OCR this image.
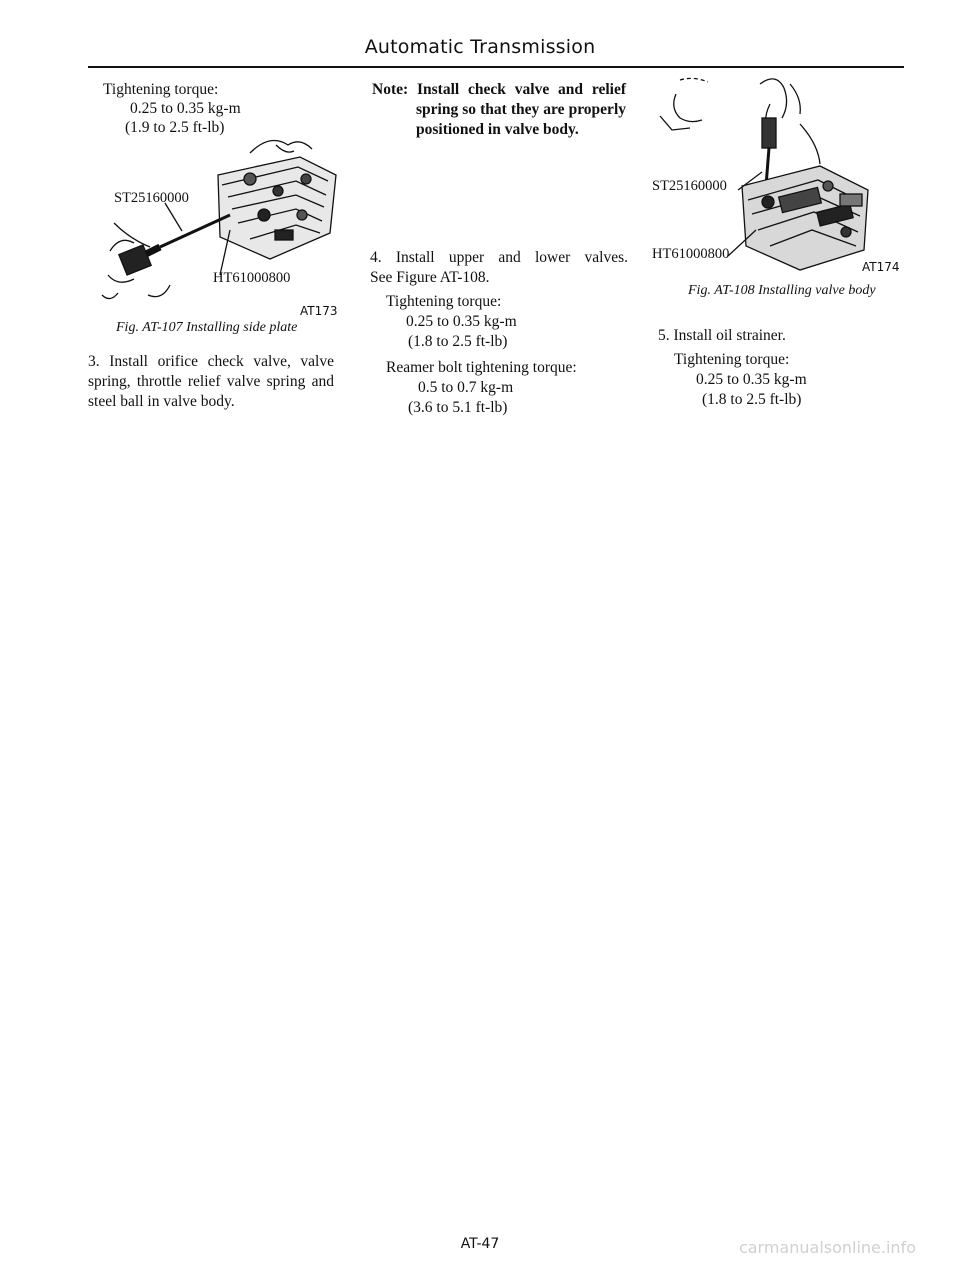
Automatic Transmission
Tightening torque:
0.25 to 0.35 kg-m
(1.9 to 2.5 ft-lb)
ST25160000
HT61000800
AT173
Fig. AT-107 Installing side plate
3. Install orifice check valve, valve
spring, throttle relief valve spring and
steel ball in valve body.
Note: Install check valve and relief
spring so that they are properly
positioned in valve body.
4. Install upper and lower valves.
See Figure AT-108.
Tightening torque:
0.25 to 0.35 kg-m
(1.8 to 2.5 ft-lb)
Reamer bolt tightening torque:
0.5 to 0.7 kg-m
(3.6 to 5.1 ft-lb)
ST25160000
HT61000800
AT174
Fig. AT-108 Installing valve body
5. Install oil strainer.
Tightening torque:
0.25 to 0.35 kg-m
(1.8 to 2.5 ft-lb)
AT-47	carmanualsonline.info
